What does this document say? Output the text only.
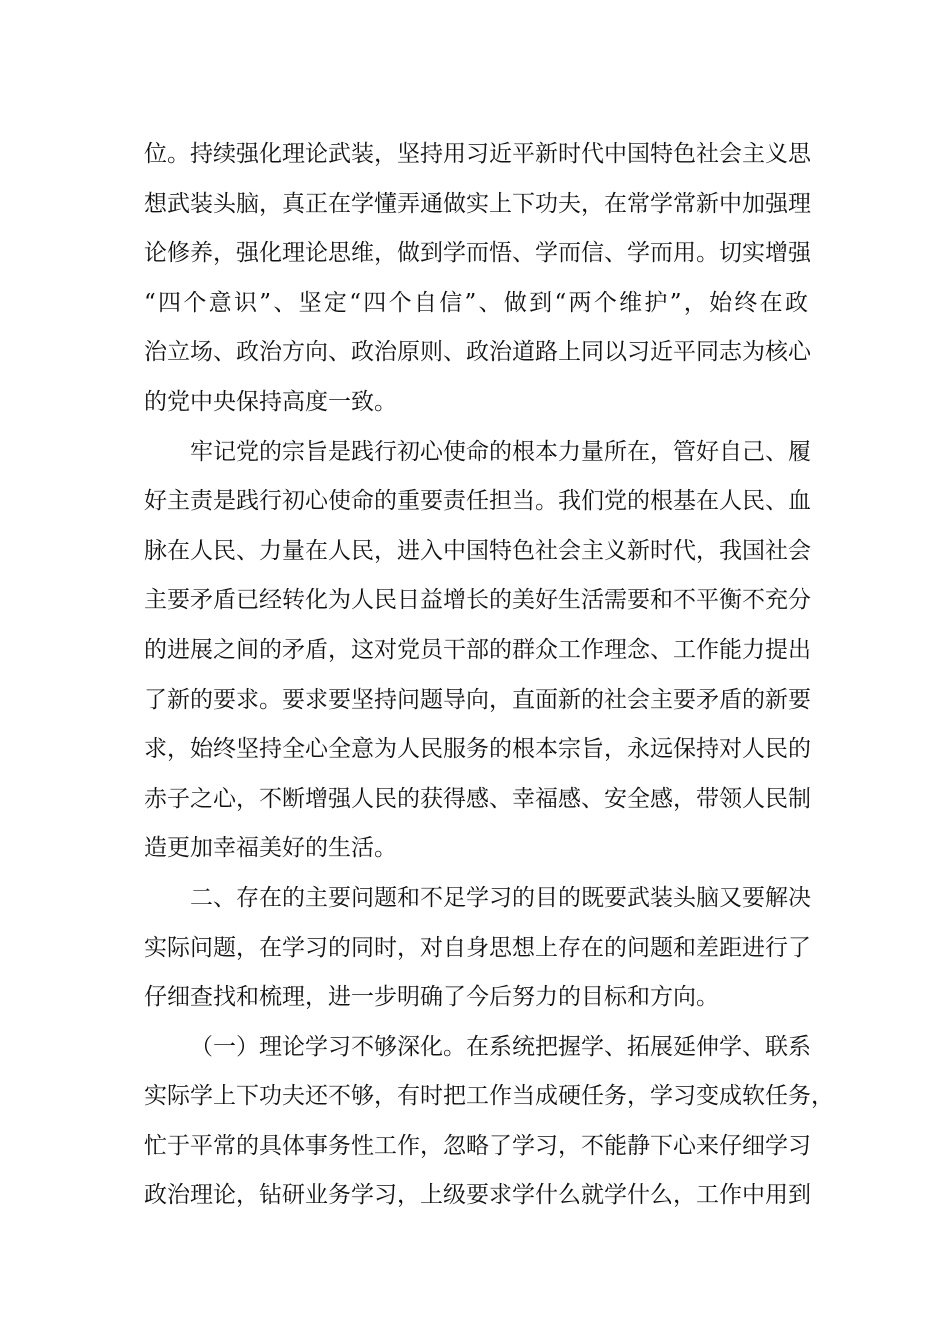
位。持续强化理论武装，坚持用习近平新时代中国特色社会主义思
想武装头脑，真正在学懂弄通做实上下功夫，在常学常新中加强理
论修养，强化理论思维，做到学而悟、学而信、学而用。切实增强
“四个意识”、坚定“四个自信”、做到“两个维护”，始终在政
治立场、政治方向、政治原则、政治道路上同以习近平同志为核心
的党中央保持高度一致。
牢记党的宗旨是践行初心使命的根本力量所在，管好自己、履
好主责是践行初心使命的重要责任担当。我们党的根基在人民、血
脉在人民、力量在人民，进入中国特色社会主义新时代，我国社会
主要矛盾已经转化为人民日益增长的美好生活需要和不平衡不充分
的进展之间的矛盾，这对党员干部的群众工作理念、工作能力提出
了新的要求。要求要坚持问题导向，直面新的社会主要矛盾的新要
求，始终坚持全心全意为人民服务的根本宗旨，永远保持对人民的
赤子之心，不断增强人民的获得感、幸福感、安全感，带领人民制
造更加幸福美好的生活。
二、存在的主要问题和不足学习的目的既要武装头脑又要解决
实际问题，在学习的同时，对自身思想上存在的问题和差距进行了
仔细查找和梳理，进一步明确了今后努力的目标和方向。
（一）理论学习不够深化。在系统把握学、拓展延伸学、联系
实际学上下功夫还不够，有时把工作当成硬任务，学习变成软任务，
忙于平常的具体事务性工作，忽略了学习，不能静下心来仔细学习
政治理论，钻研业务学习，上级要求学什么就学什么，工作中用到
